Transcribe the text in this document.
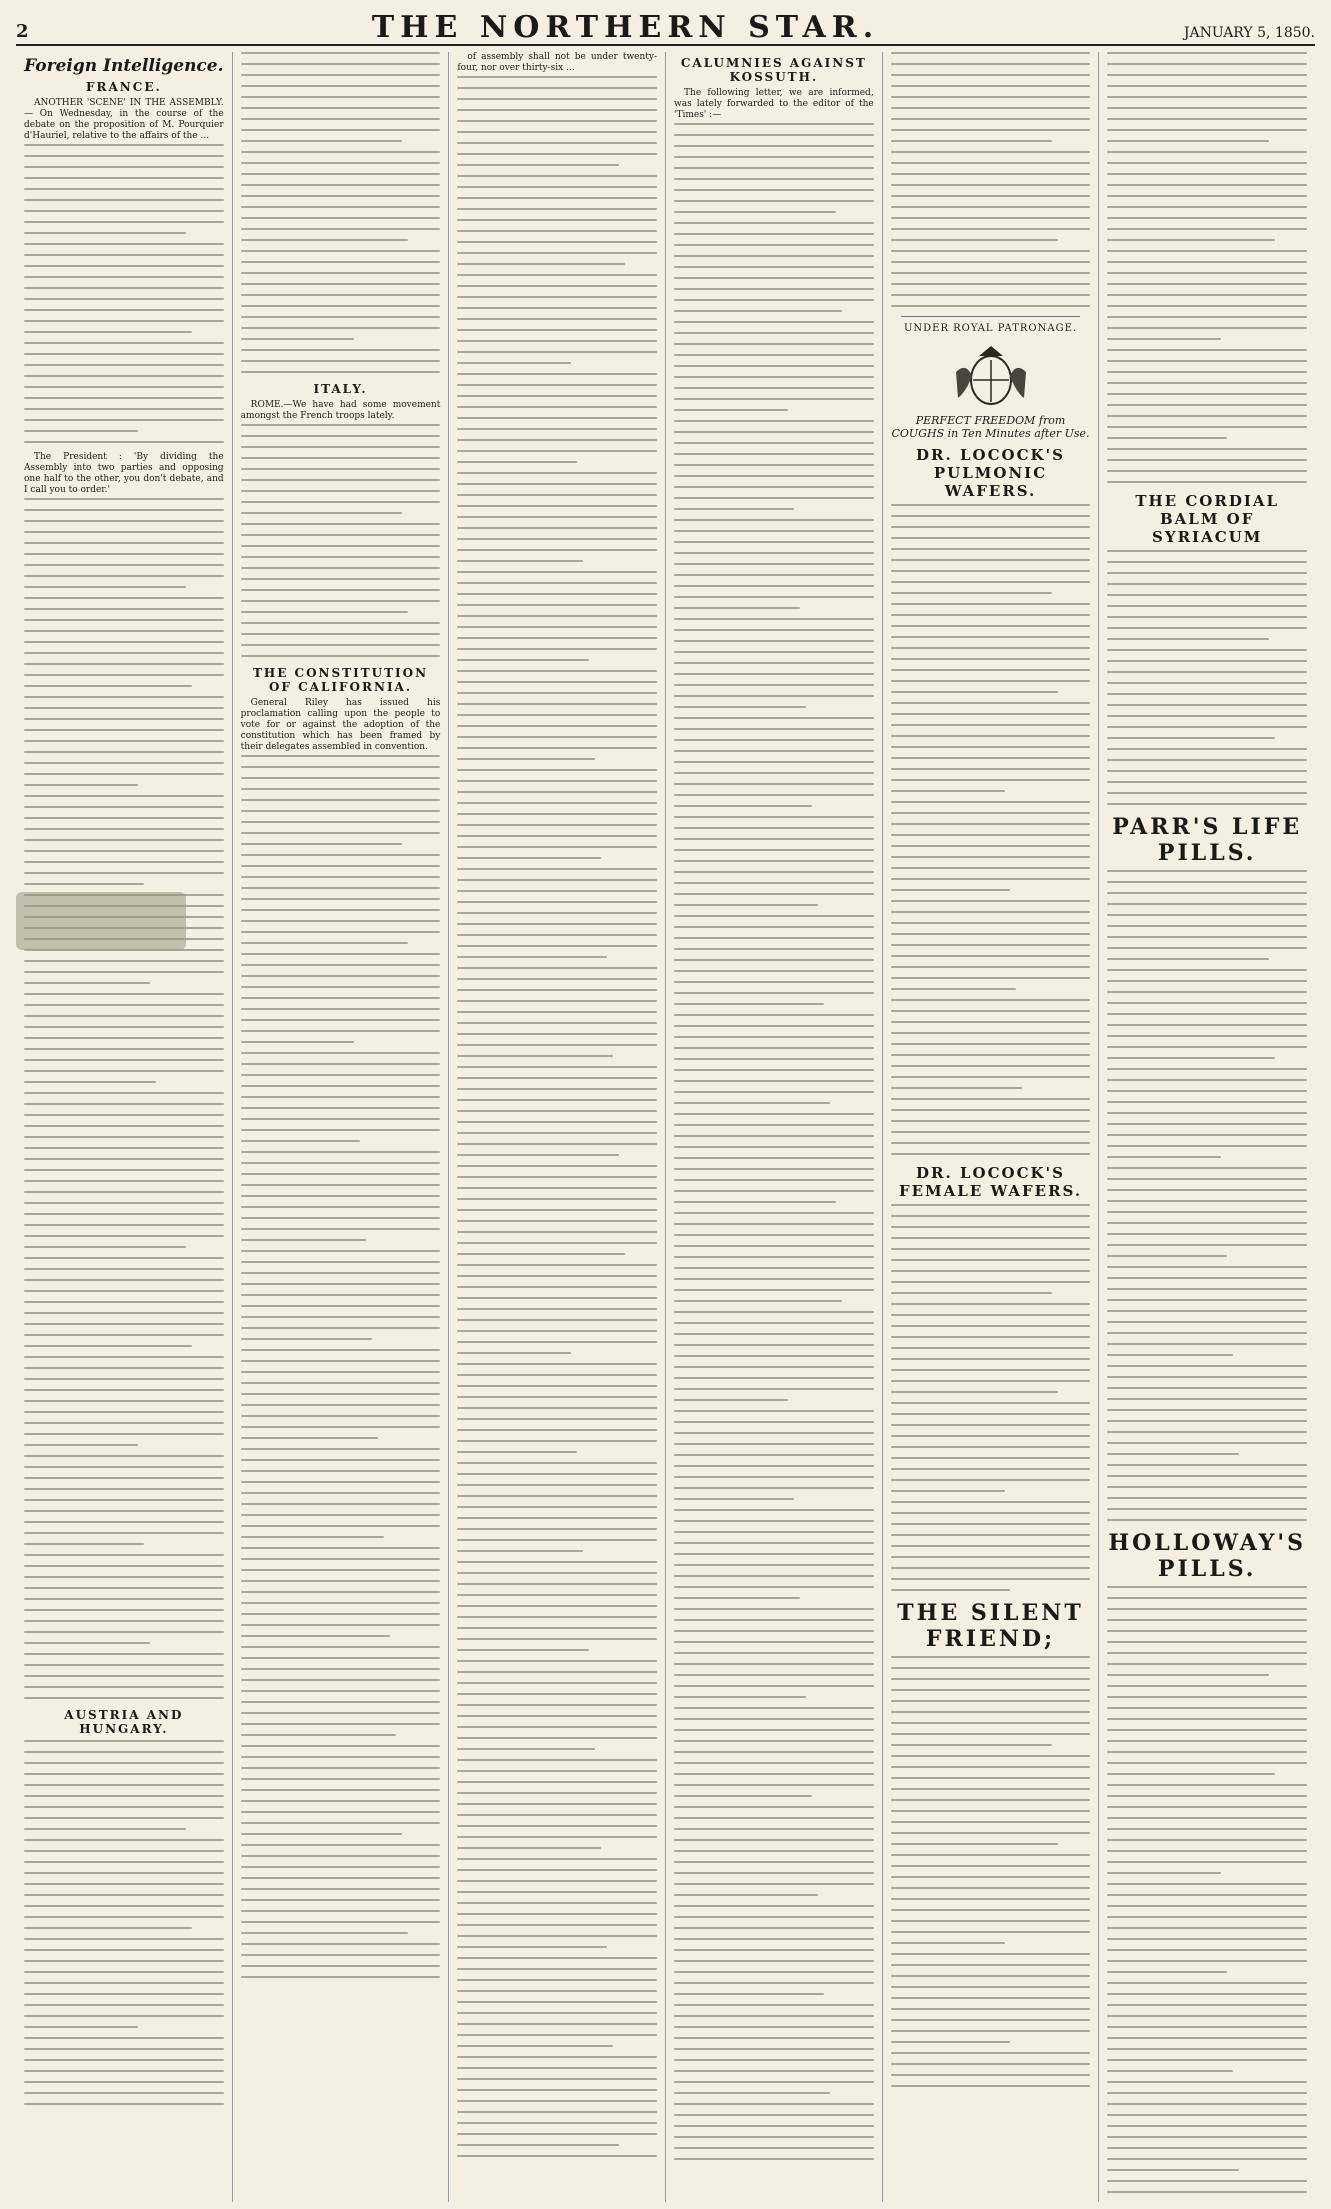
2	THE NORTHERN STAR.	JANUARY 5, 1850.
Foreign Intelligence.
FRANCE.

ANOTHER 'SCENE' IN THE ASSEMBLY.— On Wednesday, in the course of the debate on the proposition of M. Pourquier d'Hauriel, relative to the affairs of the ...

The President : 'By dividing the Assembly into two parties and opposing one half to the other, you don't debate, and I call you to order.'

AUSTRIA AND HUNGARY.
ITALY.

ROME.—We have had some movement amongst the French troops lately.

THE CONSTITUTION OF CALIFORNIA.

General Riley has issued his proclamation calling upon the people to vote for or against the adoption of the constitution which has been framed by their delegates assembled in convention.

of assembly shall not be under twenty-four, nor over thirty-six ...	CALUMNIES AGAINST KOSSUTH.

The following letter, we are informed, was lately forwarded to the editor of the 'Times' :—

UNDER ROYAL PATRONAGE.
PERFECT FREEDOM from COUGHS in Ten Minutes after Use.
DR. LOCOCK'S PULMONIC WAFERS.
DR. LOCOCK'S FEMALE WAFERS.
THE SILENT FRIEND;
THE CORDIAL BALM OF SYRIACUM
PARR'S LIFE PILLS.
HOLLOWAY'S PILLS.
